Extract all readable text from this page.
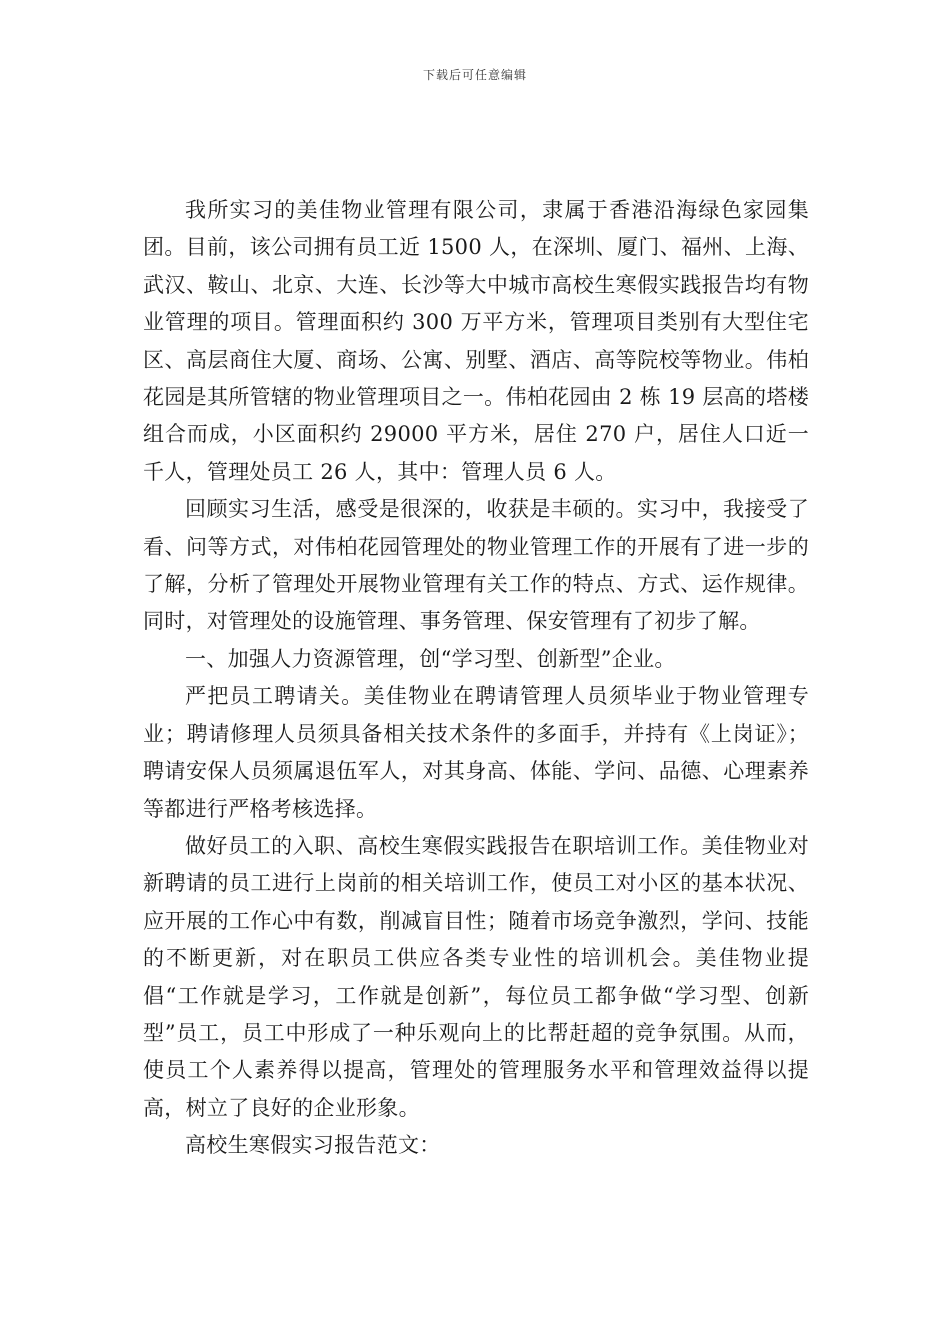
下载后可任意编辑

我所实习的美佳物业管理有限公司，隶属于香港沿海绿色家园集团。目前，该公司拥有员工近 1500 人，在深圳、厦门、福州、上海、武汉、鞍山、北京、大连、长沙等大中城市高校生寒假实践报告均有物业管理的项目。管理面积约 300 万平方米，管理项目类别有大型住宅区、高层商住大厦、商场、公寓、别墅、酒店、高等院校等物业。伟柏花园是其所管辖的物业管理项目之一。伟柏花园由 2 栋 19 层高的塔楼组合而成，小区面积约 29000 平方米，居住 270 户，居住人口近一千人，管理处员工 26 人，其中：管理人员 6 人。

回顾实习生活，感受是很深的，收获是丰硕的。实习中，我接受了看、问等方式，对伟柏花园管理处的物业管理工作的开展有了进一步的了解，分析了管理处开展物业管理有关工作的特点、方式、运作规律。同时，对管理处的设施管理、事务管理、保安管理有了初步了解。

一、加强人力资源管理，创“学习型、创新型”企业。

严把员工聘请关。美佳物业在聘请管理人员须毕业于物业管理专业；聘请修理人员须具备相关技术条件的多面手，并持有《上岗证》；聘请安保人员须属退伍军人，对其身高、体能、学问、品德、心理素养等都进行严格考核选择。

做好员工的入职、高校生寒假实践报告在职培训工作。美佳物业对新聘请的员工进行上岗前的相关培训工作，使员工对小区的基本状况、应开展的工作心中有数，削减盲目性；随着市场竞争激烈，学问、技能的不断更新，对在职员工供应各类专业性的培训机会。美佳物业提倡“工作就是学习，工作就是创新”，每位员工都争做“学习型、创新型”员工，员工中形成了一种乐观向上的比帮赶超的竞争氛围。从而，使员工个人素养得以提高，管理处的管理服务水平和管理效益得以提高，树立了良好的企业形象。

高校生寒假实习报告范文：
